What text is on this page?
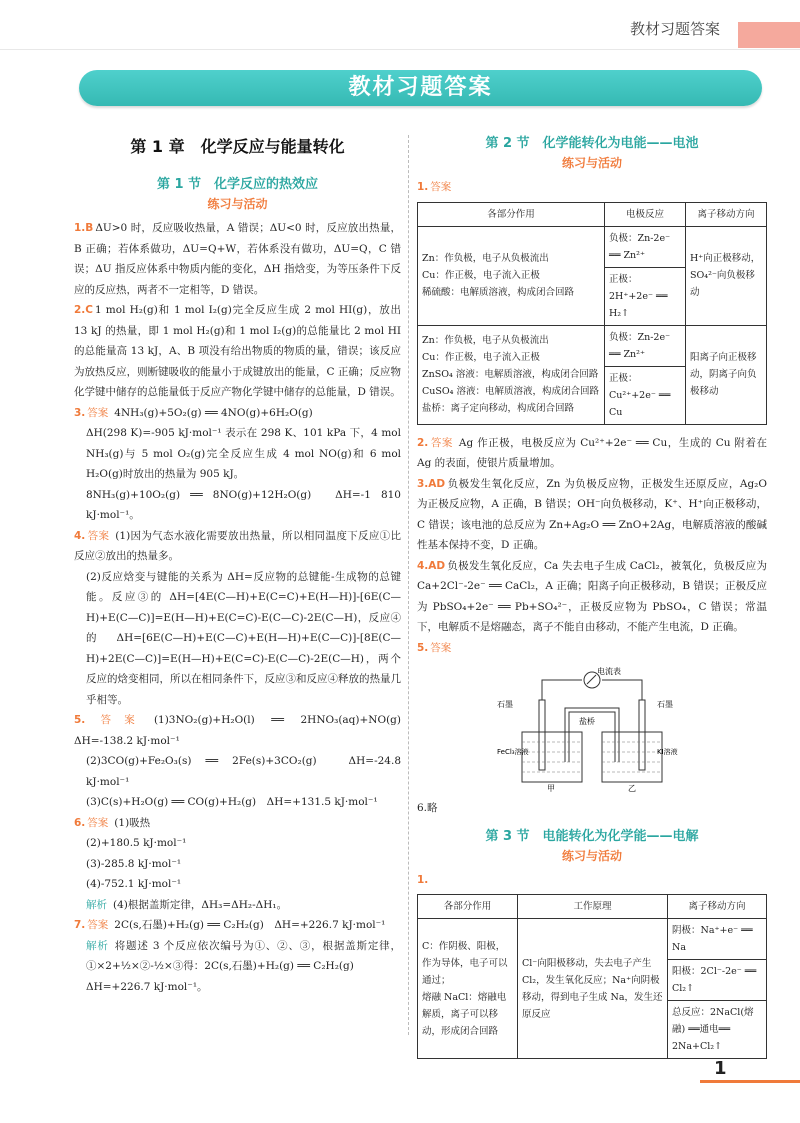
教材习题答案
教材习题答案
第 1 章　化学反应与能量转化
第 1 节　化学反应的热效应
练习与活动

1.B ΔU>0 时，反应吸收热量，A 错误；ΔU<0 时，反应放出热量，B 正确；若体系做功，ΔU=Q+W，若体系没有做功，ΔU=Q，C 错误；ΔU 指反应体系中物质内能的变化，ΔH 指焓变，为等压条件下反应的反应热，两者不一定相等，D 错误。

2.C 1 mol H₂(g)和 1 mol I₂(g)完全反应生成 2 mol HI(g)，放出 13 kJ 的热量，即 1 mol H₂(g)和 1 mol I₂(g)的总能量比 2 mol HI 的总能量高 13 kJ，A、B 项没有给出物质的物质的量，错误；该反应为放热反应，则断键吸收的能量小于成键放出的能量，C 正确；反应物化学键中储存的总能量低于反应产物化学键中储存的总能量，D 错误。

3. 答案 4NH₃(g)+5O₂(g) ══ 4NO(g)+6H₂O(g)

ΔH(298 K)=-905 kJ·mol⁻¹ 表示在 298 K、101 kPa 下，4 mol NH₃(g)与 5 mol O₂(g)完全反应生成 4 mol NO(g)和 6 mol H₂O(g)时放出的热量为 905 kJ。

8NH₃(g)+10O₂(g) ══ 8NO(g)+12H₂O(g)　ΔH=-1 810 kJ·mol⁻¹。

4. 答案 (1)因为气态水液化需要放出热量，所以相同温度下反应①比反应②放出的热量多。

(2)反应焓变与键能的关系为 ΔH=反应物的总键能-生成物的总键能。反应③的 ΔH=[4E(C—H)+E(C=C)+E(H—H)]-[6E(C—H)+E(C—C)]=E(H—H)+E(C=C)-E(C—C)-2E(C—H)，反应④的 ΔH=[6E(C—H)+E(C—C)+E(H—H)+E(C—C)]-[8E(C—H)+2E(C—C)]=E(H—H)+E(C=C)-E(C—C)-2E(C—H)，两个反应的焓变相同，所以在相同条件下，反应③和反应④释放的热量几乎相等。

5. 答案 (1)3NO₂(g)+H₂O(l) ══ 2HNO₃(aq)+NO(g)　ΔH=-138.2 kJ·mol⁻¹

(2)3CO(g)+Fe₂O₃(s) ══ 2Fe(s)+3CO₂(g)　ΔH=-24.8 kJ·mol⁻¹

(3)C(s)+H₂O(g) ══ CO(g)+H₂(g)　ΔH=+131.5 kJ·mol⁻¹

6. 答案 (1)吸热

(2)+180.5 kJ·mol⁻¹

(3)-285.8 kJ·mol⁻¹

(4)-752.1 kJ·mol⁻¹

解析 (4)根据盖斯定律，ΔH₃=ΔH₂-ΔH₁。

7. 答案 2C(s,石墨)+H₂(g) ══ C₂H₂(g)　ΔH=+226.7 kJ·mol⁻¹

解析 将题述 3 个反应依次编号为①、②、③，根据盖斯定律，①×2+½×②-½×③得：2C(s,石墨)+H₂(g) ══ C₂H₂(g)

ΔH=+226.7 kJ·mol⁻¹。

第 2 节　化学能转化为电能——电池
练习与活动

1. 答案

各部分作用	电极反应	离子移动方向
Zn：作负极，电子从负极流出
Cu：作正极，电子流入正极
稀硫酸：电解质溶液，构成闭合回路	负极：Zn-2e⁻ ══ Zn²⁺	H⁺向正极移动，SO₄²⁻向负极移动
	正极：2H⁺+2e⁻ ══ H₂↑	
Zn：作负极，电子从负极流出
Cu：作正极，电子流入正极
ZnSO₄ 溶液：电解质溶液，构成闭合回路
CuSO₄ 溶液：电解质溶液，构成闭合回路
盐桥：离子定向移动，构成闭合回路	负极：Zn-2e⁻ ══ Zn²⁺	阳离子向正极移动，阴离子向负极移动
	正极：Cu²⁺+2e⁻ ══ Cu	

2. 答案 Ag 作正极，电极反应为 Cu²⁺+2e⁻ ══ Cu，生成的 Cu 附着在 Ag 的表面，使银片质量增加。

3.AD 负极发生氧化反应，Zn 为负极反应物，正极发生还原反应，Ag₂O 为正极反应物，A 正确，B 错误；OH⁻向负极移动，K⁺、H⁺向正极移动，C 错误；该电池的总反应为 Zn+Ag₂O ══ ZnO+2Ag，电解质溶液的酸碱性基本保持不变，D 正确。

4.AD 负极发生氧化反应，Ca 失去电子生成 CaCl₂，被氧化，负极反应为 Ca+2Cl⁻-2e⁻ ══ CaCl₂，A 正确；阳离子向正极移动，B 错误；正极反应为 PbSO₄+2e⁻ ══ Pb+SO₄²⁻，正极反应物为 PbSO₄，C 错误；常温下，电解质不是熔融态，离子不能自由移动，不能产生电流，D 正确。

5. 答案

电流表
石墨	石墨
盐桥
FeCl₃溶液	KI溶液
甲	乙

6.略

第 3 节　电能转化为化学能——电解
练习与活动

1.

各部分作用	工作原理	离子移动方向
C：作阴极、阳极，作为导体，电子可以通过；
熔融 NaCl：熔融电解质，离子可以移动，形成闭合回路	Cl⁻向阳极移动，失去电子产生 Cl₂，发生氧化反应；Na⁺向阴极移动，得到电子生成 Na，发生还原反应	阴极：Na⁺+e⁻ ══ Na
		阳极：2Cl⁻-2e⁻ ══ Cl₂↑
		总反应：2NaCl(熔融) ══通电══ 2Na+Cl₂↑
1
